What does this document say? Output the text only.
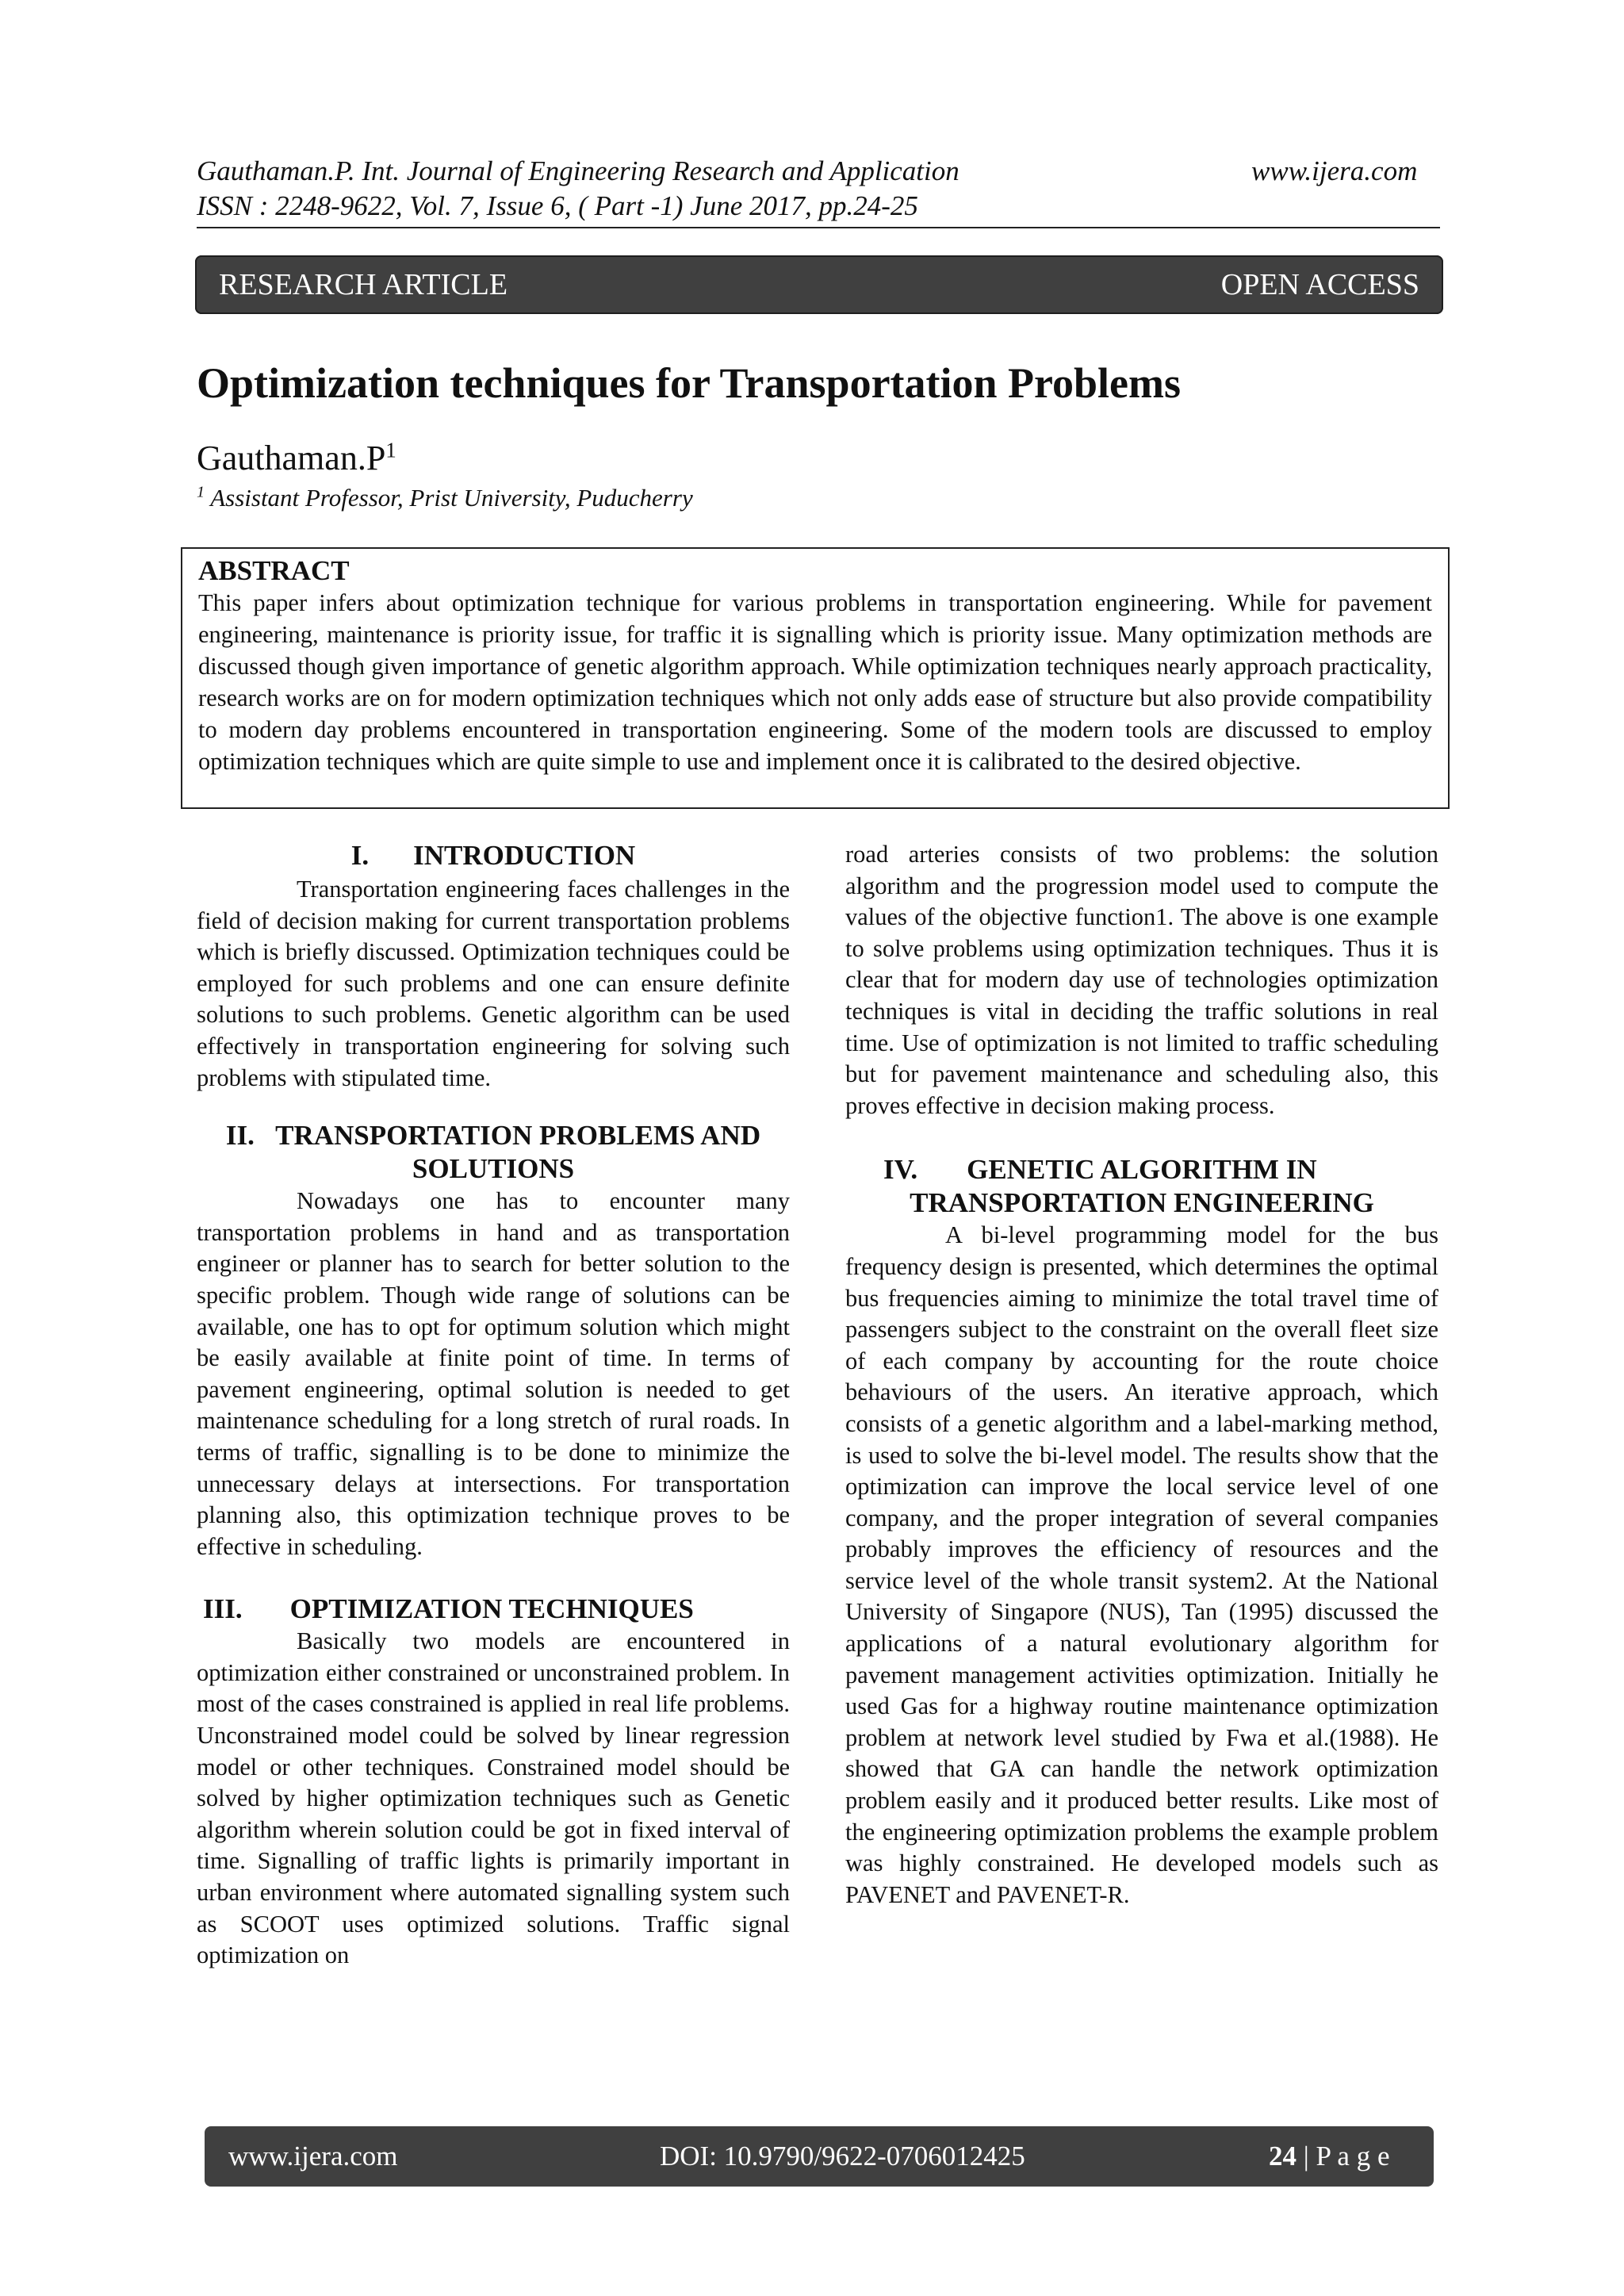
Gauthaman.P. Int. Journal of Engineering Research and Application	www.ijera.com
ISSN : 2248-9622, Vol. 7, Issue 6, ( Part -1) June 2017, pp.24-25
RESEARCH ARTICLE	OPEN ACCESS
Optimization techniques for Transportation Problems
$Gauthaman.P^1$
$^1$ Assistant Professor, Prist University, Puducherry
ABSTRACT
This paper infers about optimization technique for various problems in transportation engineering. While for pavement engineering, maintenance is priority issue, for traffic it is signalling which is priority issue. Many optimization methods are discussed though given importance of genetic algorithm approach. While optimization techniques nearly approach practicality, research works are on for modern optimization techniques which not only adds ease of structure but also provide compatibility to modern day problems encountered in transportation engineering. Some of the modern tools are discussed to employ optimization techniques which are quite simple to use and implement once it is calibrated to the desired objective.
I. INTRODUCTION

Transportation engineering faces challenges in the field of decision making for current transportation problems which is briefly discussed. Optimization techniques could be employed for such problems and one can ensure definite solutions to such problems. Genetic algorithm can be used effectively in transportation engineering for solving such problems with stipulated time.

II. TRANSPORTATION PROBLEMS AND
SOLUTIONS

Nowadays one has to encounter many transportation problems in hand and as transportation engineer or planner has to search for better solution to the specific problem. Though wide range of solutions can be available, one has to opt for optimum solution which might be easily available at finite point of time. In terms of pavement engineering, optimal solution is needed to get maintenance scheduling for a long stretch of rural roads. In terms of traffic, signalling is to be done to minimize the unnecessary delays at intersections. For transportation planning also, this optimization technique proves to be effective in scheduling.

III. OPTIMIZATION TECHNIQUES

Basically two models are encountered in optimization either constrained or unconstrained problem. In most of the cases constrained is applied in real life problems. Unconstrained model could be solved by linear regression model or other techniques. Constrained model should be solved by higher optimization techniques such as Genetic algorithm wherein solution could be got in fixed interval of time. Signalling of traffic lights is primarily important in urban environment where automated signalling system such as SCOOT uses optimized solutions. Traffic signal optimization on

road arteries consists of two problems: the solution algorithm and the progression model used to compute the values of the objective function1. The above is one example to solve problems using optimization techniques. Thus it is clear that for modern day use of technologies optimization techniques is vital in deciding the traffic solutions in real time. Use of optimization is not limited to traffic scheduling but for pavement maintenance and scheduling also, this proves effective in decision making process.

IV. GENETIC ALGORITHM IN
TRANSPORTATION ENGINEERING

A bi-level programming model for the bus frequency design is presented, which determines the optimal bus frequencies aiming to minimize the total travel time of passengers subject to the constraint on the overall fleet size of each company by accounting for the route choice behaviours of the users. An iterative approach, which consists of a genetic algorithm and a label-marking method, is used to solve the bi-level model. The results show that the optimization can improve the local service level of one company, and the proper integration of several companies probably improves the efficiency of resources and the service level of the whole transit system2. At the National University of Singapore (NUS), Tan (1995) discussed the applications of a natural evolutionary algorithm for pavement management activities optimization. Initially he used Gas for a highway routine maintenance optimization problem at network level studied by Fwa et al.(1988). He showed that GA can handle the network optimization problem easily and it produced better results. Like most of the engineering optimization problems the example problem was highly constrained. He developed models such as PAVENET and PAVENET-R.

www.ijera.com	DOI: 10.9790/9622-0706012425	24 | P a g e
